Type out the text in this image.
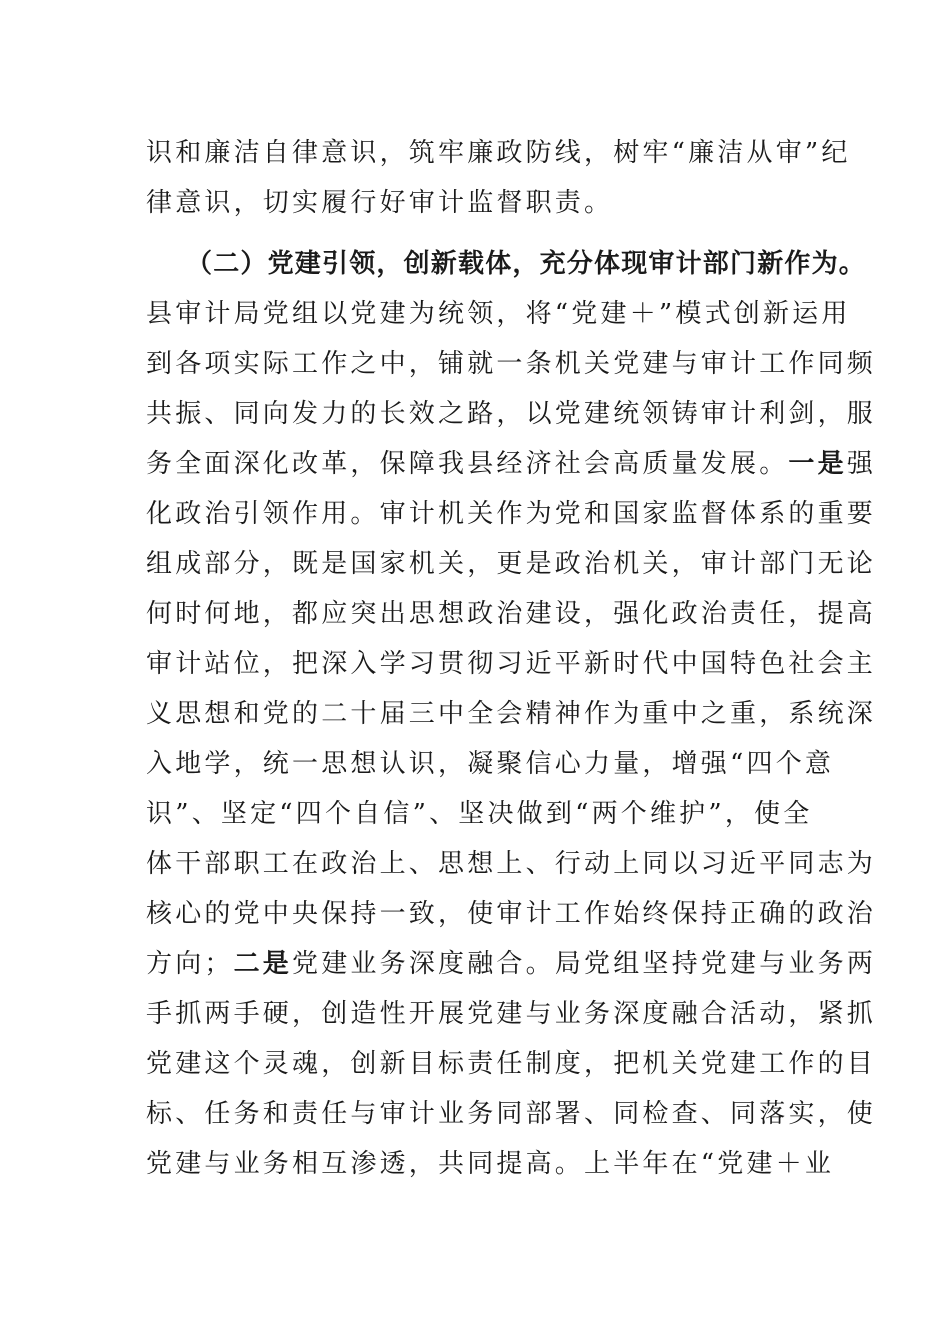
识和廉洁自律意识，筑牢廉政防线，树牢“廉洁从审”纪
律意识，切实履行好审计监督职责。
（二）党建引领，创新载体，充分体现审计部门新作为。
县审计局党组以党建为统领，将“党建＋”模式创新运用
到各项实际工作之中，铺就一条机关党建与审计工作同频
共振、同向发力的长效之路，以党建统领铸审计利剑，服
务全面深化改革，保障我县经济社会高质量发展。一是强
化政治引领作用。审计机关作为党和国家监督体系的重要
组成部分，既是国家机关，更是政治机关，审计部门无论
何时何地，都应突出思想政治建设，强化政治责任，提高
审计站位，把深入学习贯彻习近平新时代中国特色社会主
义思想和党的二十届三中全会精神作为重中之重，系统深
入地学，统一思想认识，凝聚信心力量，增强“四个意
识”、坚定“四个自信”、坚决做到“两个维护”，使全
体干部职工在政治上、思想上、行动上同以习近平同志为
核心的党中央保持一致，使审计工作始终保持正确的政治
方向；二是党建业务深度融合。局党组坚持党建与业务两
手抓两手硬，创造性开展党建与业务深度融合活动，紧抓
党建这个灵魂，创新目标责任制度，把机关党建工作的目
标、任务和责任与审计业务同部署、同检查、同落实，使
党建与业务相互渗透，共同提高。上半年在“党建＋业
